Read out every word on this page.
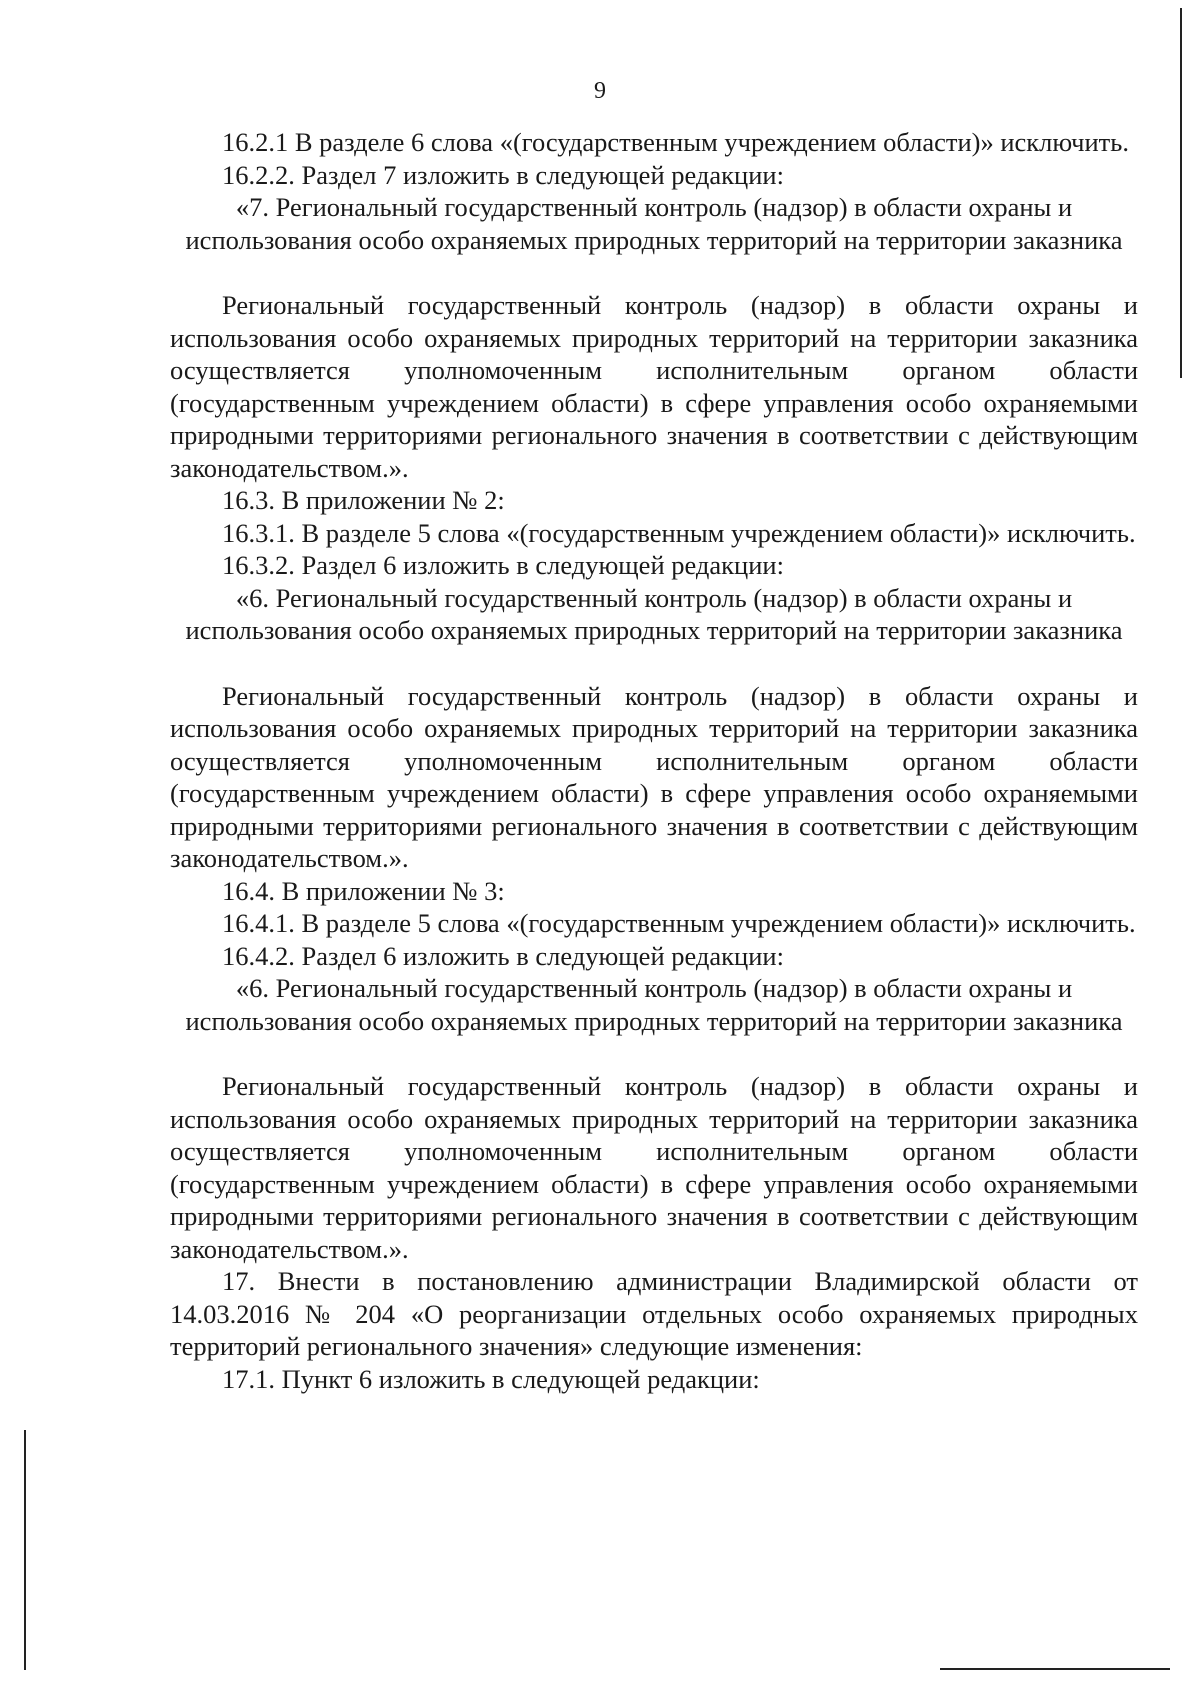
9

16.2.1 В разделе 6 слова «(государственным учреждением области)» исключить.

16.2.2. Раздел 7 изложить в следующей редакции:

«7. Региональный государственный контроль (надзор) в области охраны и использования особо охраняемых природных территорий на территории заказника

Региональный государственный контроль (надзор) в области охраны и использования особо охраняемых природных территорий на территории заказника осуществляется уполномоченным исполнительным органом области (государственным учреждением области) в сфере управления особо охраняемыми природными территориями регионального значения в соответствии с действующим законодательством.».

16.3. В приложении № 2:

16.3.1. В разделе 5 слова «(государственным учреждением области)» исключить.

16.3.2. Раздел 6 изложить в следующей редакции:

«6. Региональный государственный контроль (надзор) в области охраны и использования особо охраняемых природных территорий на территории заказника

Региональный государственный контроль (надзор) в области охраны и использования особо охраняемых природных территорий на территории заказника осуществляется уполномоченным исполнительным органом области (государственным учреждением области) в сфере управления особо охраняемыми природными территориями регионального значения в соответствии с действующим законодательством.».

16.4. В приложении № 3:

16.4.1. В разделе 5 слова «(государственным учреждением области)» исключить.

16.4.2. Раздел 6 изложить в следующей редакции:

«6. Региональный государственный контроль (надзор) в области охраны и использования особо охраняемых природных территорий на территории заказника

Региональный государственный контроль (надзор) в области охраны и использования особо охраняемых природных территорий на территории заказника осуществляется уполномоченным исполнительным органом области (государственным учреждением области) в сфере управления особо охраняемыми природными территориями регионального значения в соответствии с действующим законодательством.».

17. Внести в постановлению администрации Владимирской области от 14.03.2016 № 204 «О реорганизации отдельных особо охраняемых природных территорий регионального значения» следующие изменения:

17.1. Пункт 6 изложить в следующей редакции:
